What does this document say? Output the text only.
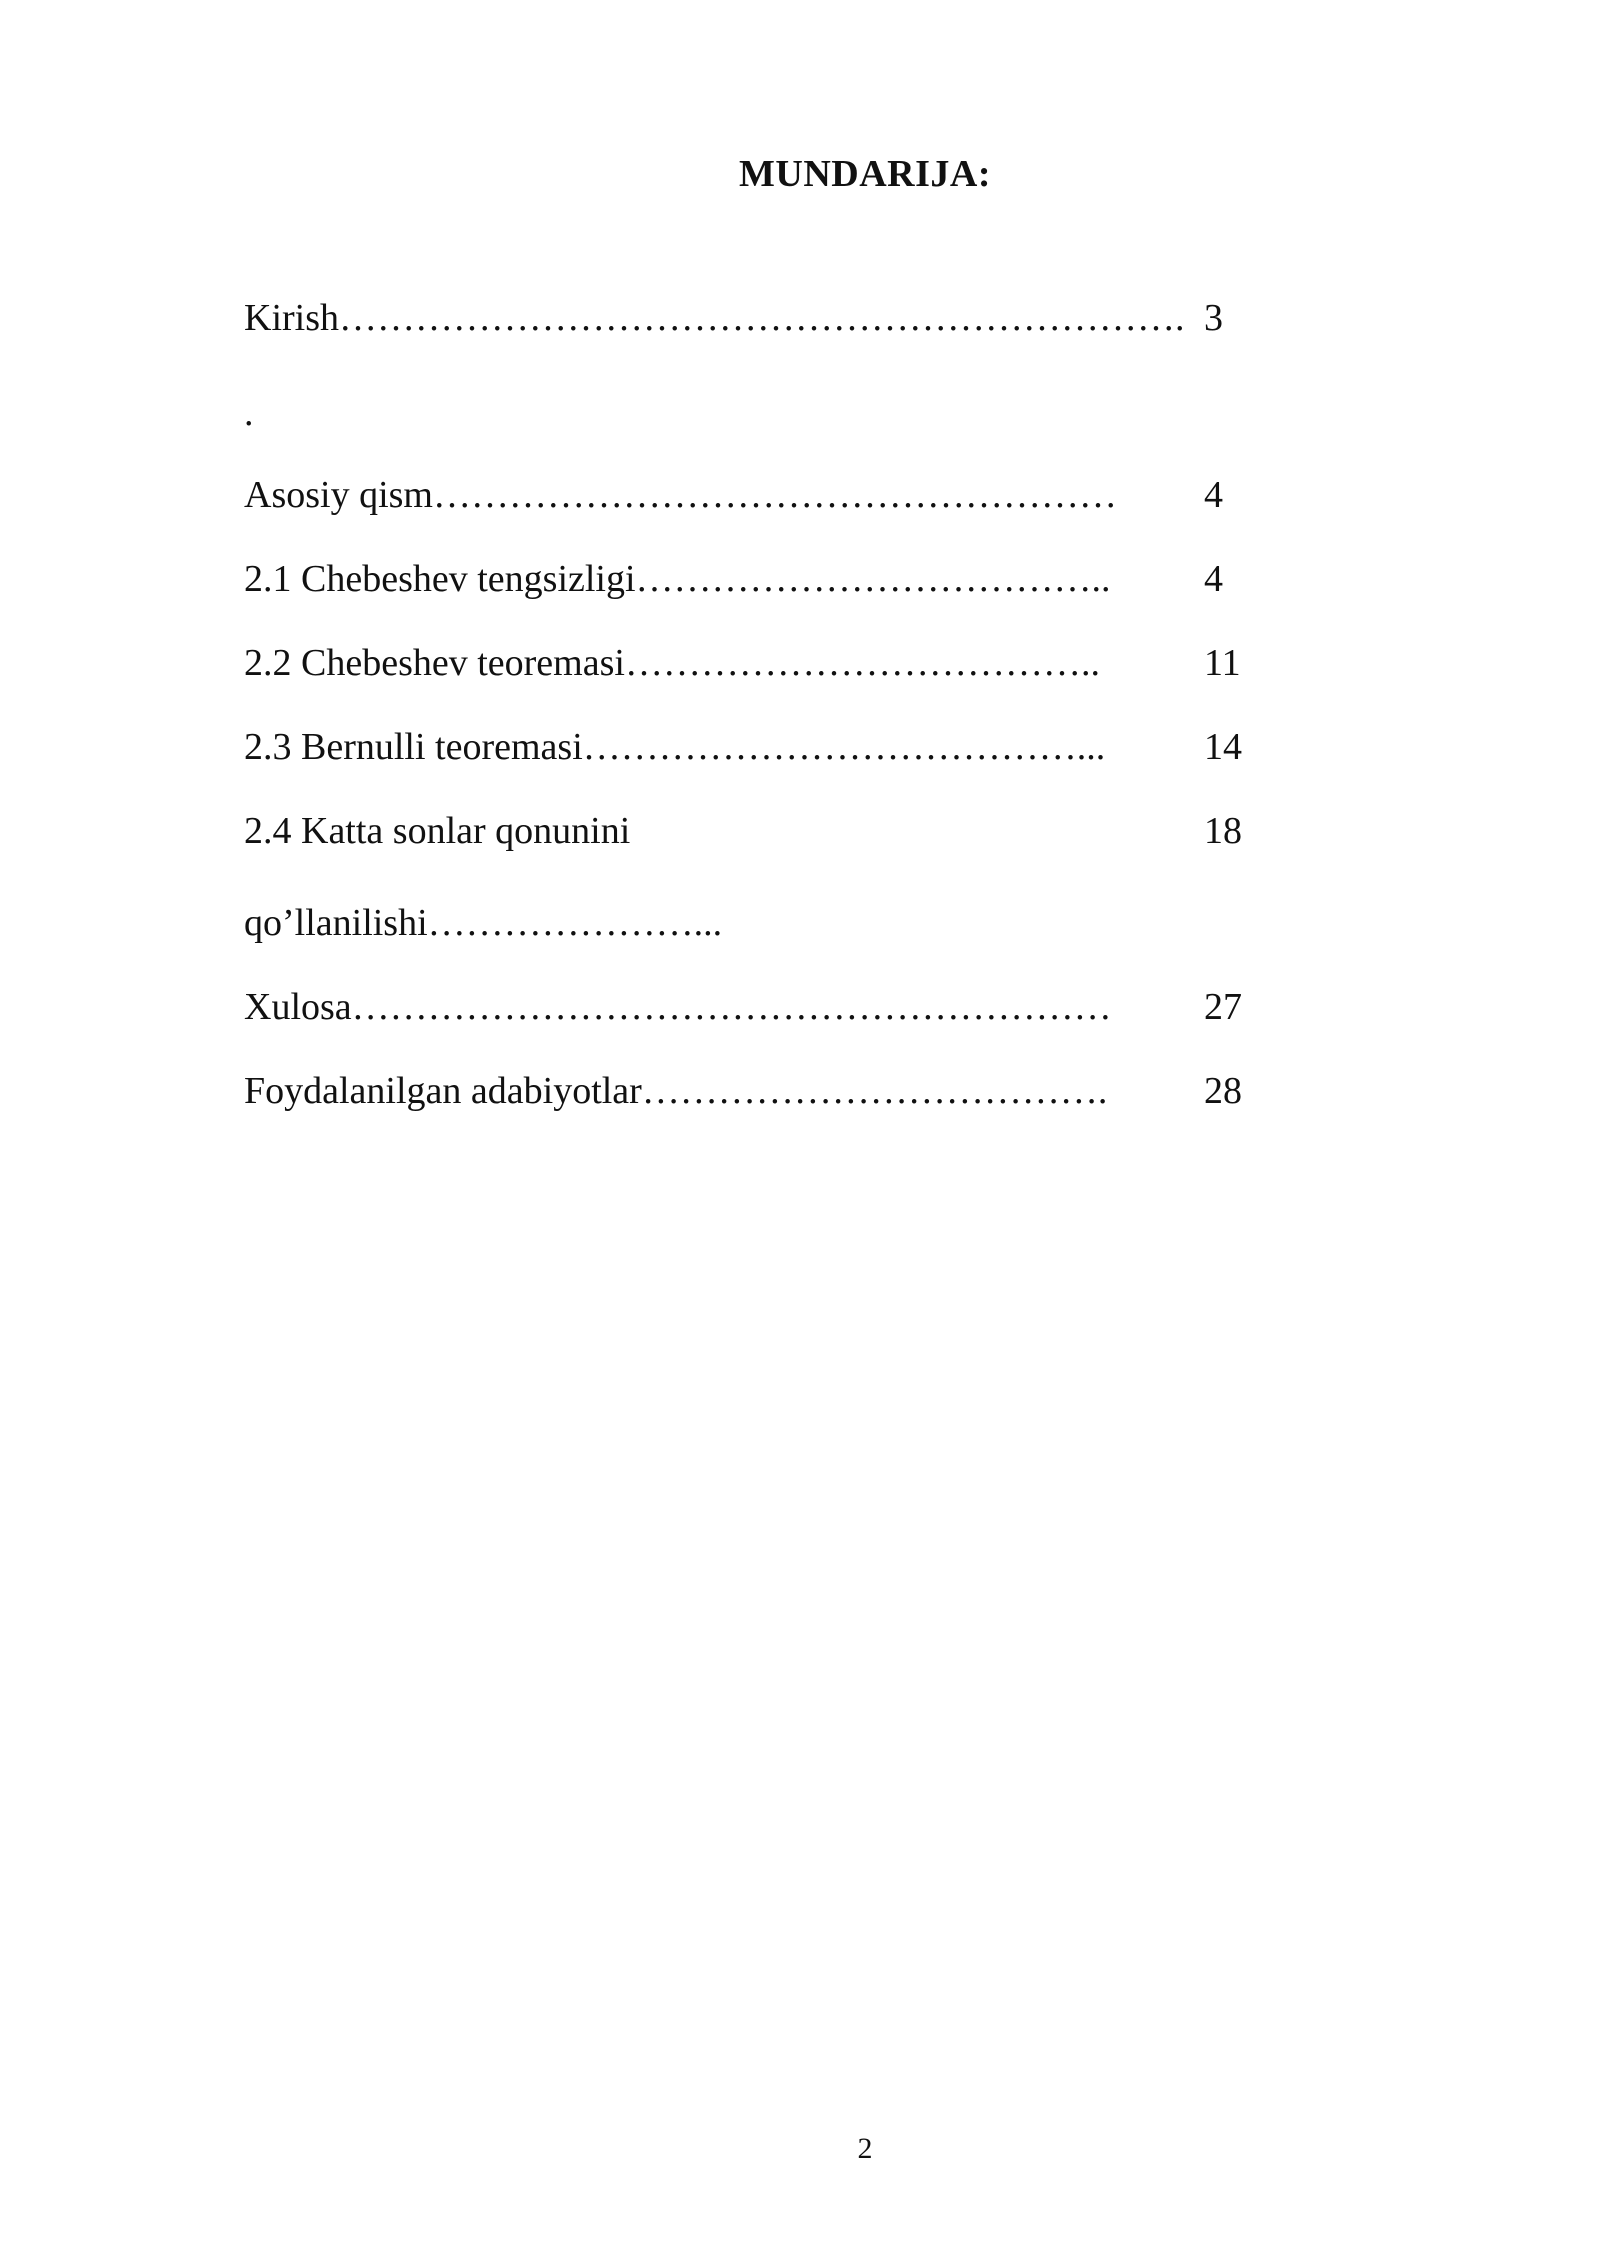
MUNDARIJA:
Kirish…………………………………………………………. 3
.
Asosiy qism……………………………………………… 4
2.1 Chebeshev tengsizligi……………………………….. 4
2.2 Chebeshev teoremasi………………………………..	11
2.3 Bernulli teoremasi…………………………………...	14
2.4 Katta sonlar qonunini	18
qo’llanilishi…………………...
Xulosa…………………………………………………… 27
Foydalanilgan adabiyotlar……………………………….	28
2
